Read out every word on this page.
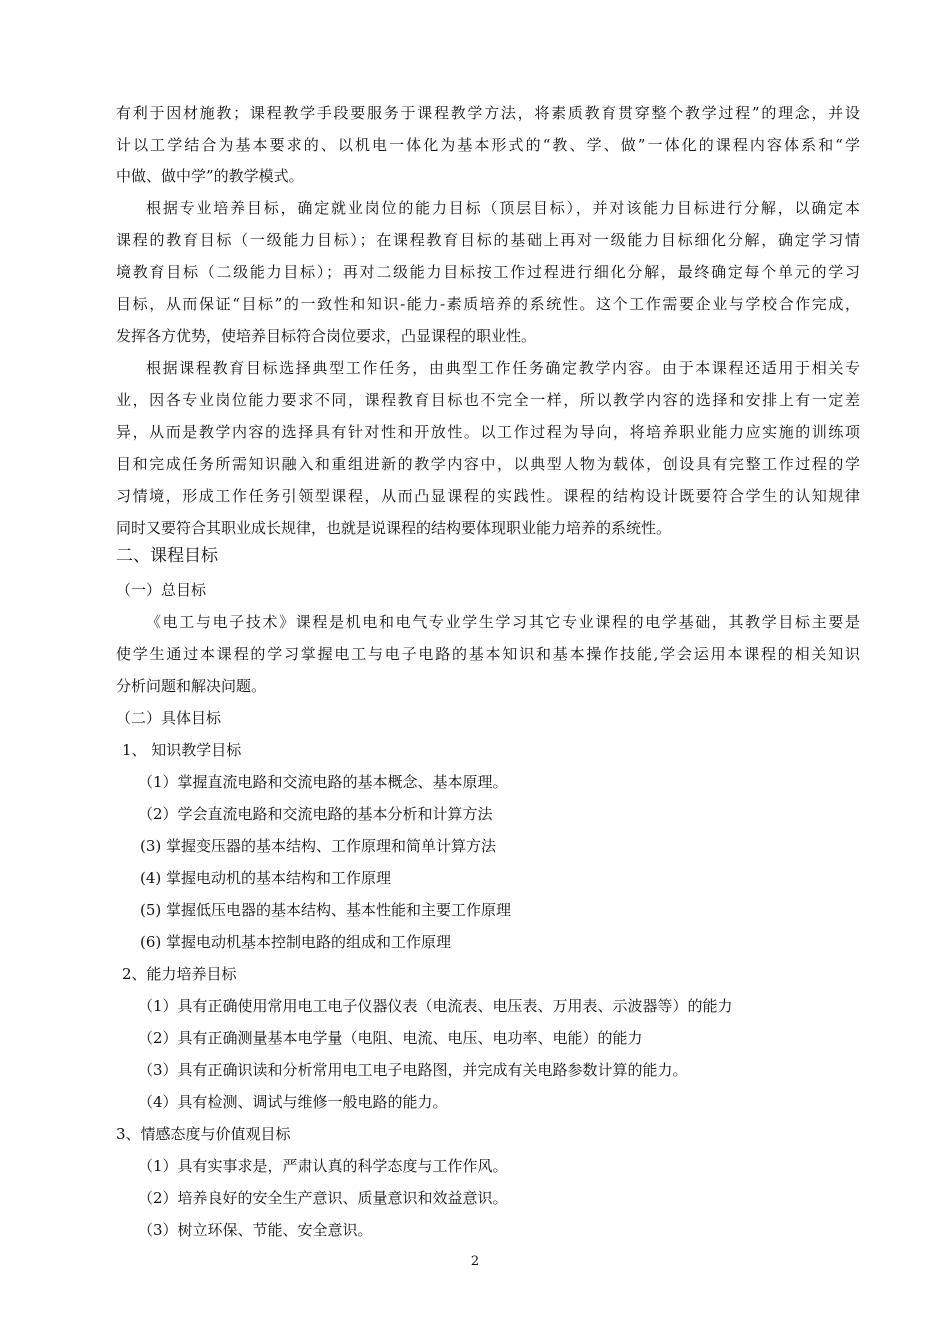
有利于因材施教；课程教学手段要服务于课程教学方法，将素质教育贯穿整个教学过程”的理念，并设
计以工学结合为基本要求的、以机电一体化为基本形式的“教、学、做”一体化的课程内容体系和“学
中做、做中学”的教学模式。
根据专业培养目标，确定就业岗位的能力目标（顶层目标），并对该能力目标进行分解，以确定本
课程的教育目标（一级能力目标）；在课程教育目标的基础上再对一级能力目标细化分解，确定学习情
境教育目标（二级能力目标）；再对二级能力目标按工作过程进行细化分解，最终确定每个单元的学习
目标，从而保证“目标”的一致性和知识-能力-素质培养的系统性。这个工作需要企业与学校合作完成，
发挥各方优势，使培养目标符合岗位要求，凸显课程的职业性。
根据课程教育目标选择典型工作任务，由典型工作任务确定教学内容。由于本课程还适用于相关专
业，因各专业岗位能力要求不同，课程教育目标也不完全一样，所以教学内容的选择和安排上有一定差
异，从而是教学内容的选择具有针对性和开放性。以工作过程为导向，将培养职业能力应实施的训练项
目和完成任务所需知识融入和重组进新的教学内容中，以典型人物为载体，创设具有完整工作过程的学
习情境，形成工作任务引领型课程，从而凸显课程的实践性。课程的结构设计既要符合学生的认知规律
同时又要符合其职业成长规律，也就是说课程的结构要体现职业能力培养的系统性。
二、课程目标
（一）总目标
《电工与电子技术》课程是机电和电气专业学生学习其它专业课程的电学基础，其教学目标主要是
使学生通过本课程的学习掌握电工与电子电路的基本知识和基本操作技能,学会运用本课程的相关知识
分析问题和解决问题。
（二）具体目标
1、 知识教学目标
（1）掌握直流电路和交流电路的基本概念、基本原理。
（2）学会直流电路和交流电路的基本分析和计算方法
(3) 掌握变压器的基本结构、工作原理和简单计算方法
(4) 掌握电动机的基本结构和工作原理
(5) 掌握低压电器的基本结构、基本性能和主要工作原理
(6) 掌握电动机基本控制电路的组成和工作原理
2、能力培养目标
（1）具有正确使用常用电工电子仪器仪表（电流表、电压表、万用表、示波器等）的能力
（2）具有正确测量基本电学量（电阻、电流、电压、电功率、电能）的能力
（3）具有正确识读和分析常用电工电子电路图，并完成有关电路参数计算的能力。
（4）具有检测、调试与维修一般电路的能力。
3、情感态度与价值观目标
（1）具有实事求是，严肃认真的科学态度与工作作风。
（2）培养良好的安全生产意识、质量意识和效益意识。
（3）树立环保、节能、安全意识。
2
